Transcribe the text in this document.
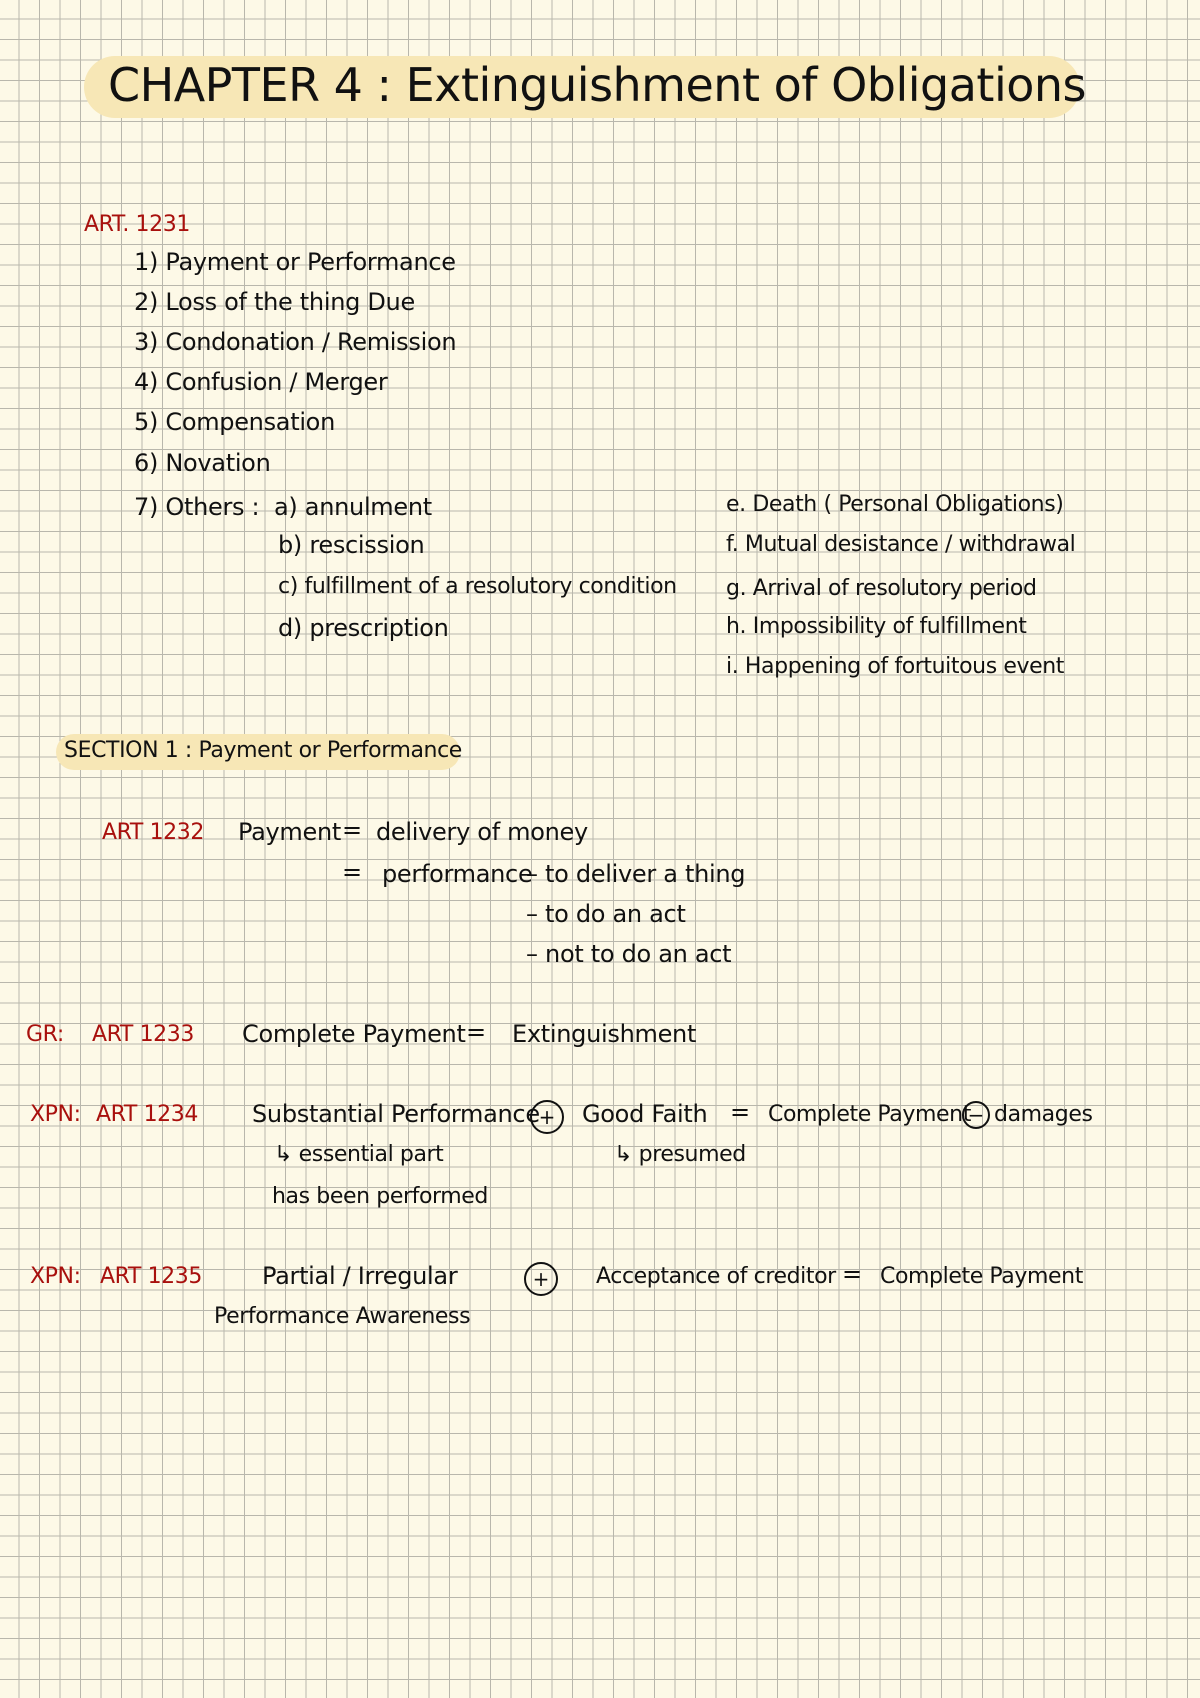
CHAPTER 4 : Extinguishment of Obligations
ART. 1231
1) Payment or Performance
2) Loss of the thing Due
3) Condonation / Remission
4) Confusion / Merger
5) Compensation
6) Novation
7) Others : a) annulment
b) rescission
c) fulfillment of a resolutory condition
d) prescription
e. Death ( Personal Obligations)
f. Mutual desistance / withdrawal
g. Arrival of resolutory period
h. Impossibility of fulfillment
i. Happening of fortuitous event
SECTION 1 : Payment or Performance
ART 1232 Payment = delivery of money
= performance
– to deliver a thing
– to do an act
– not to do an act
GR: ART 1233 Complete Payment = Extinguishment
XPN: ART 1234 Substantial Performance
+	Good Faith = Complete Payment
− damages
↳ essential part
has been performed
↳ presumed
XPN: ART 1235	Partial / Irregular
Performance Awareness
+	Acceptance of creditor = Complete Payment
